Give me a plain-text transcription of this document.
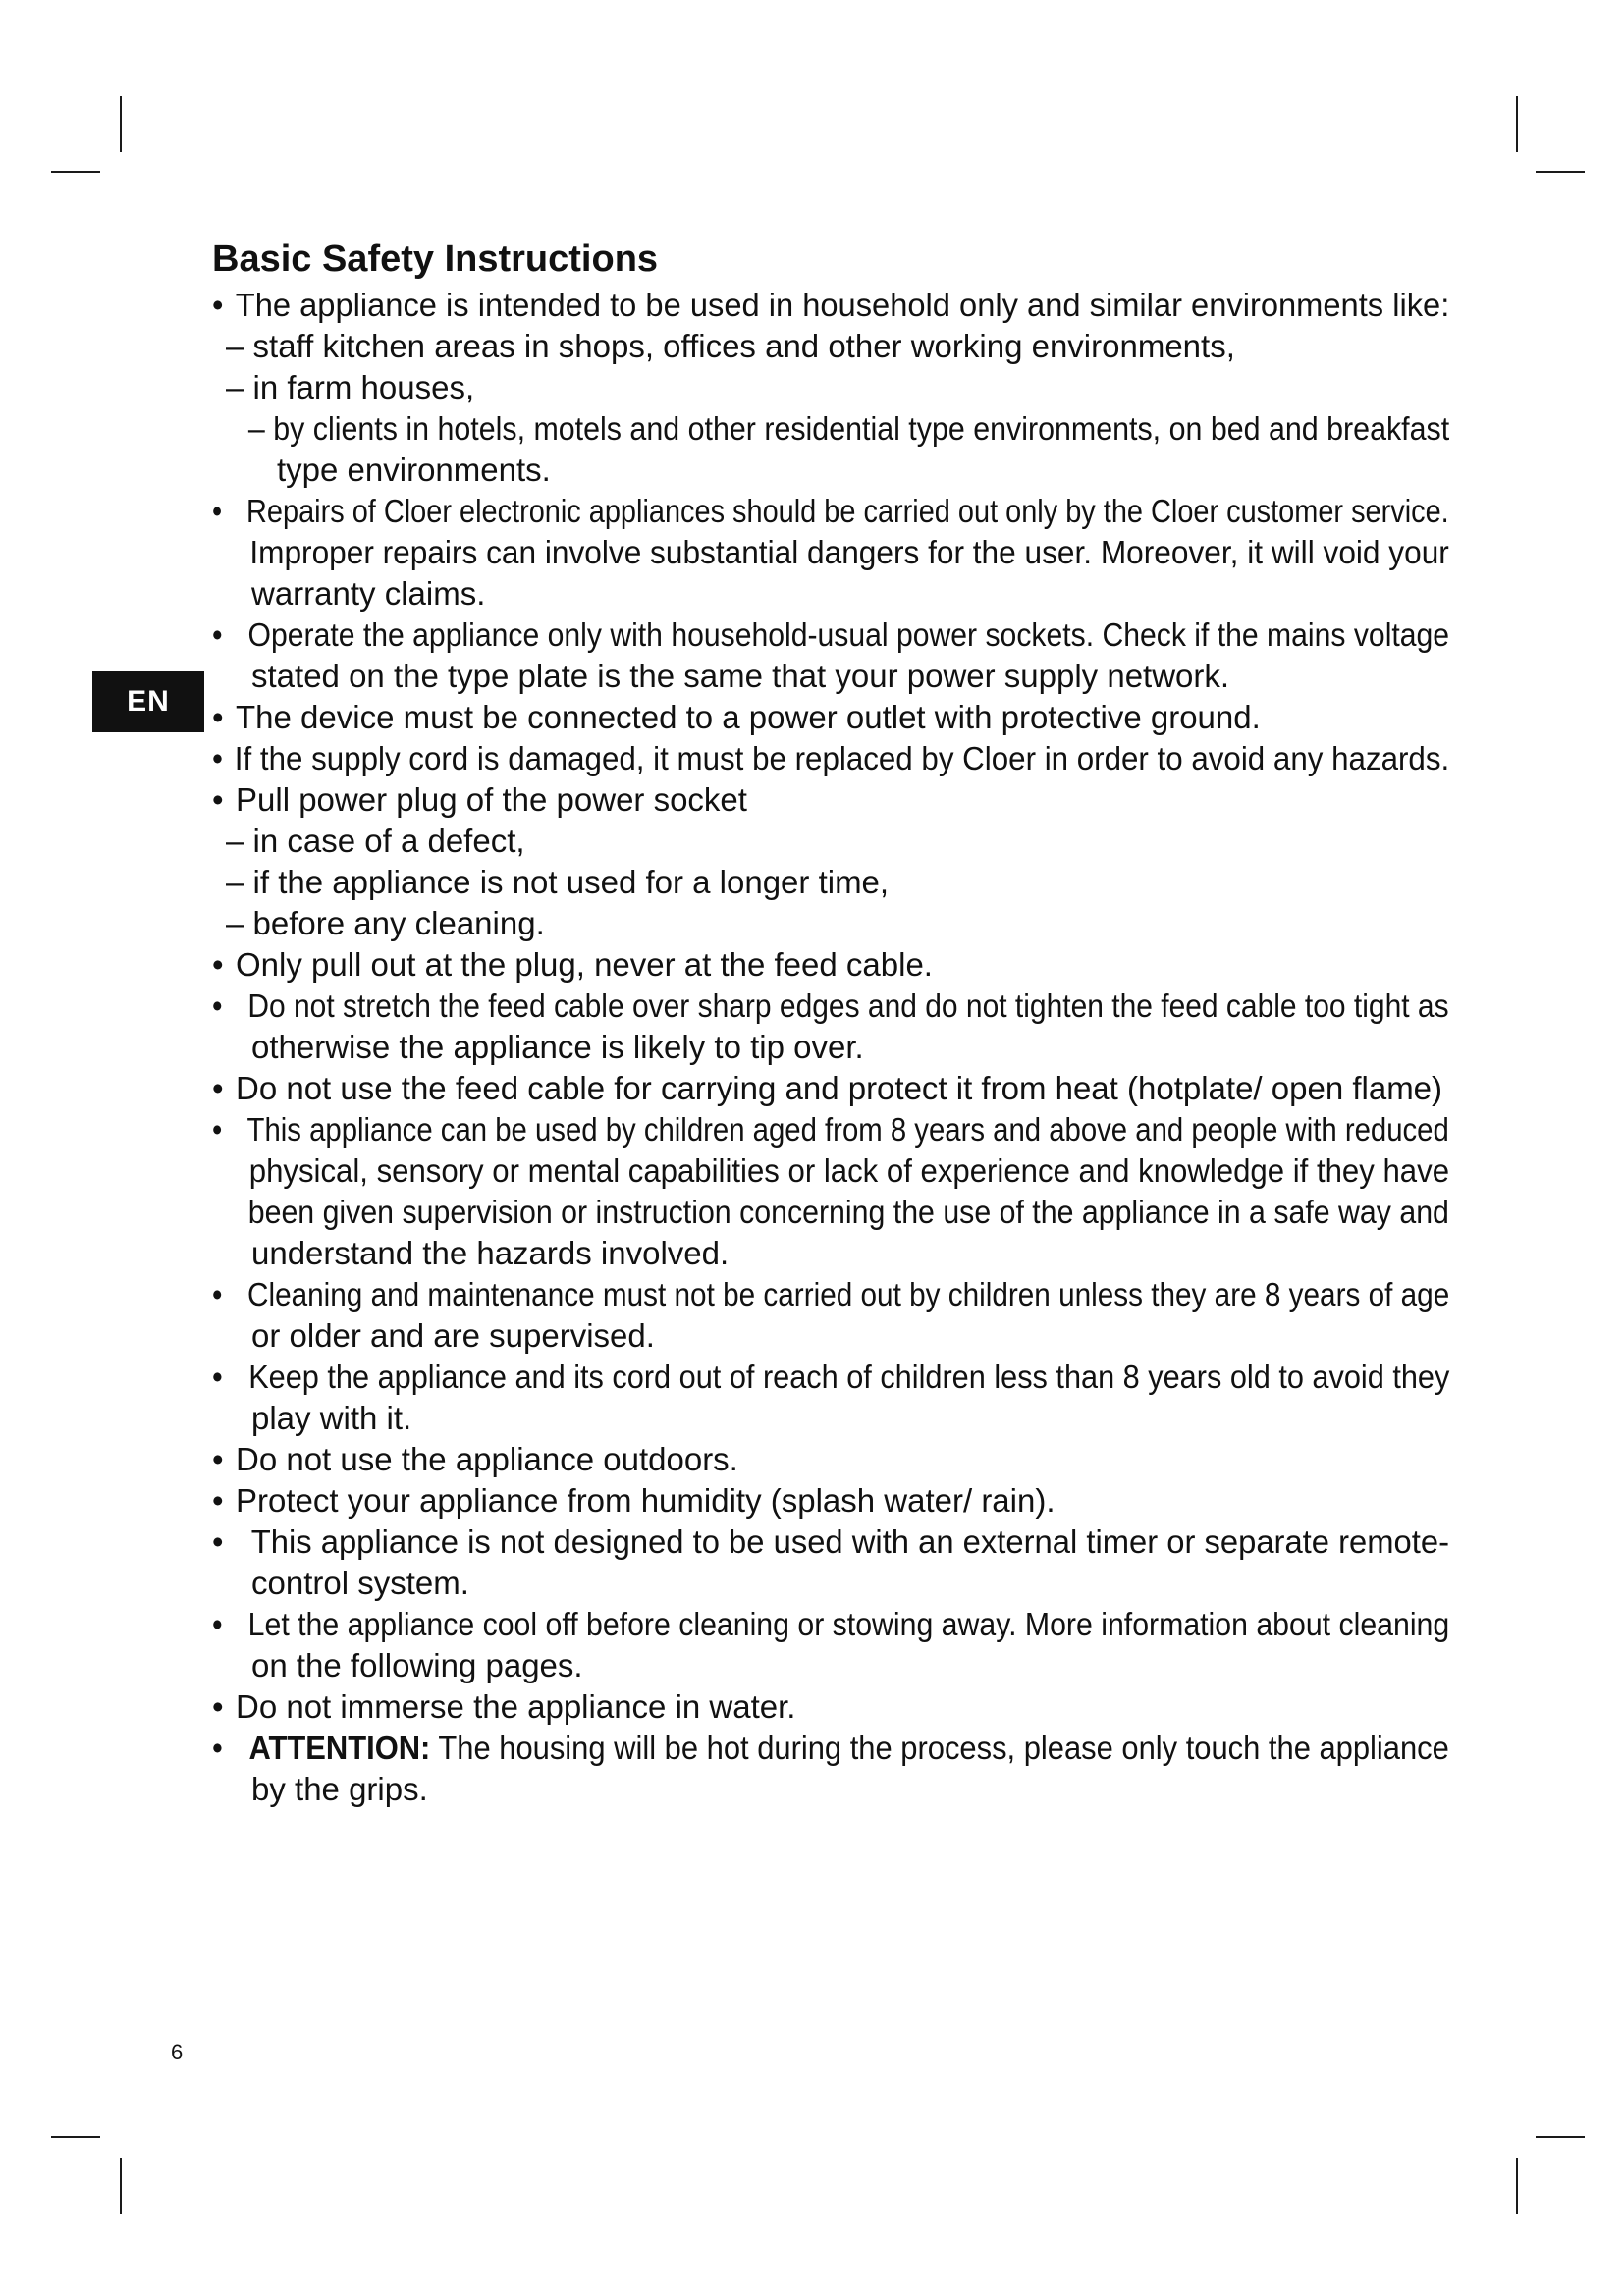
EN
Basic Safety Instructions
• The appliance is intended to be used in household only and similar environments like:
– staff kitchen areas in shops, offices and other working environments,
– in farm houses,
– by clients in hotels, motels and other residential type environments, on bed and breakfast
type environments.
• Repairs of Cloer electronic appliances should be carried out only by the Cloer customer service.
Improper repairs can involve substantial dangers for the user. Moreover, it will void your
warranty claims.
• Operate the appliance only with household-usual power sockets. Check if the mains voltage
stated on the type plate is the same that your power supply network.
• The device must be connected to a power outlet with protective ground.
• If the supply cord is damaged, it must be replaced by Cloer in order to avoid any hazards.
• Pull power plug of the power socket
– in case of a defect,
– if the appliance is not used for a longer time,
– before any cleaning.
• Only pull out at the plug, never at the feed cable.
• Do not stretch the feed cable over sharp edges and do not tighten the feed cable too tight as
otherwise the appliance is likely to tip over.
• Do not use the feed cable for carrying and protect it from heat (hotplate/ open flame)
• This appliance can be used by children aged from 8 years and above and people with reduced
physical, sensory or mental capabilities or lack of experience and knowledge if they have
been given supervision or instruction concerning the use of the appliance in a safe way and
understand the hazards involved.
• Cleaning and maintenance must not be carried out by children unless they are 8 years of age
or older and are supervised.
• Keep the appliance and its cord out of reach of children less than 8 years old to avoid they
play with it.
• Do not use the appliance outdoors.
• Protect your appliance from humidity (splash water/ rain).
• This appliance is not designed to be used with an external timer or separate remote-
control system.
• Let the appliance cool off before cleaning or stowing away. More information about cleaning
on the following pages.
• Do not immerse the appliance in water.
• ATTENTION: The housing will be hot during the process, please only touch the appliance
by the grips.
6
